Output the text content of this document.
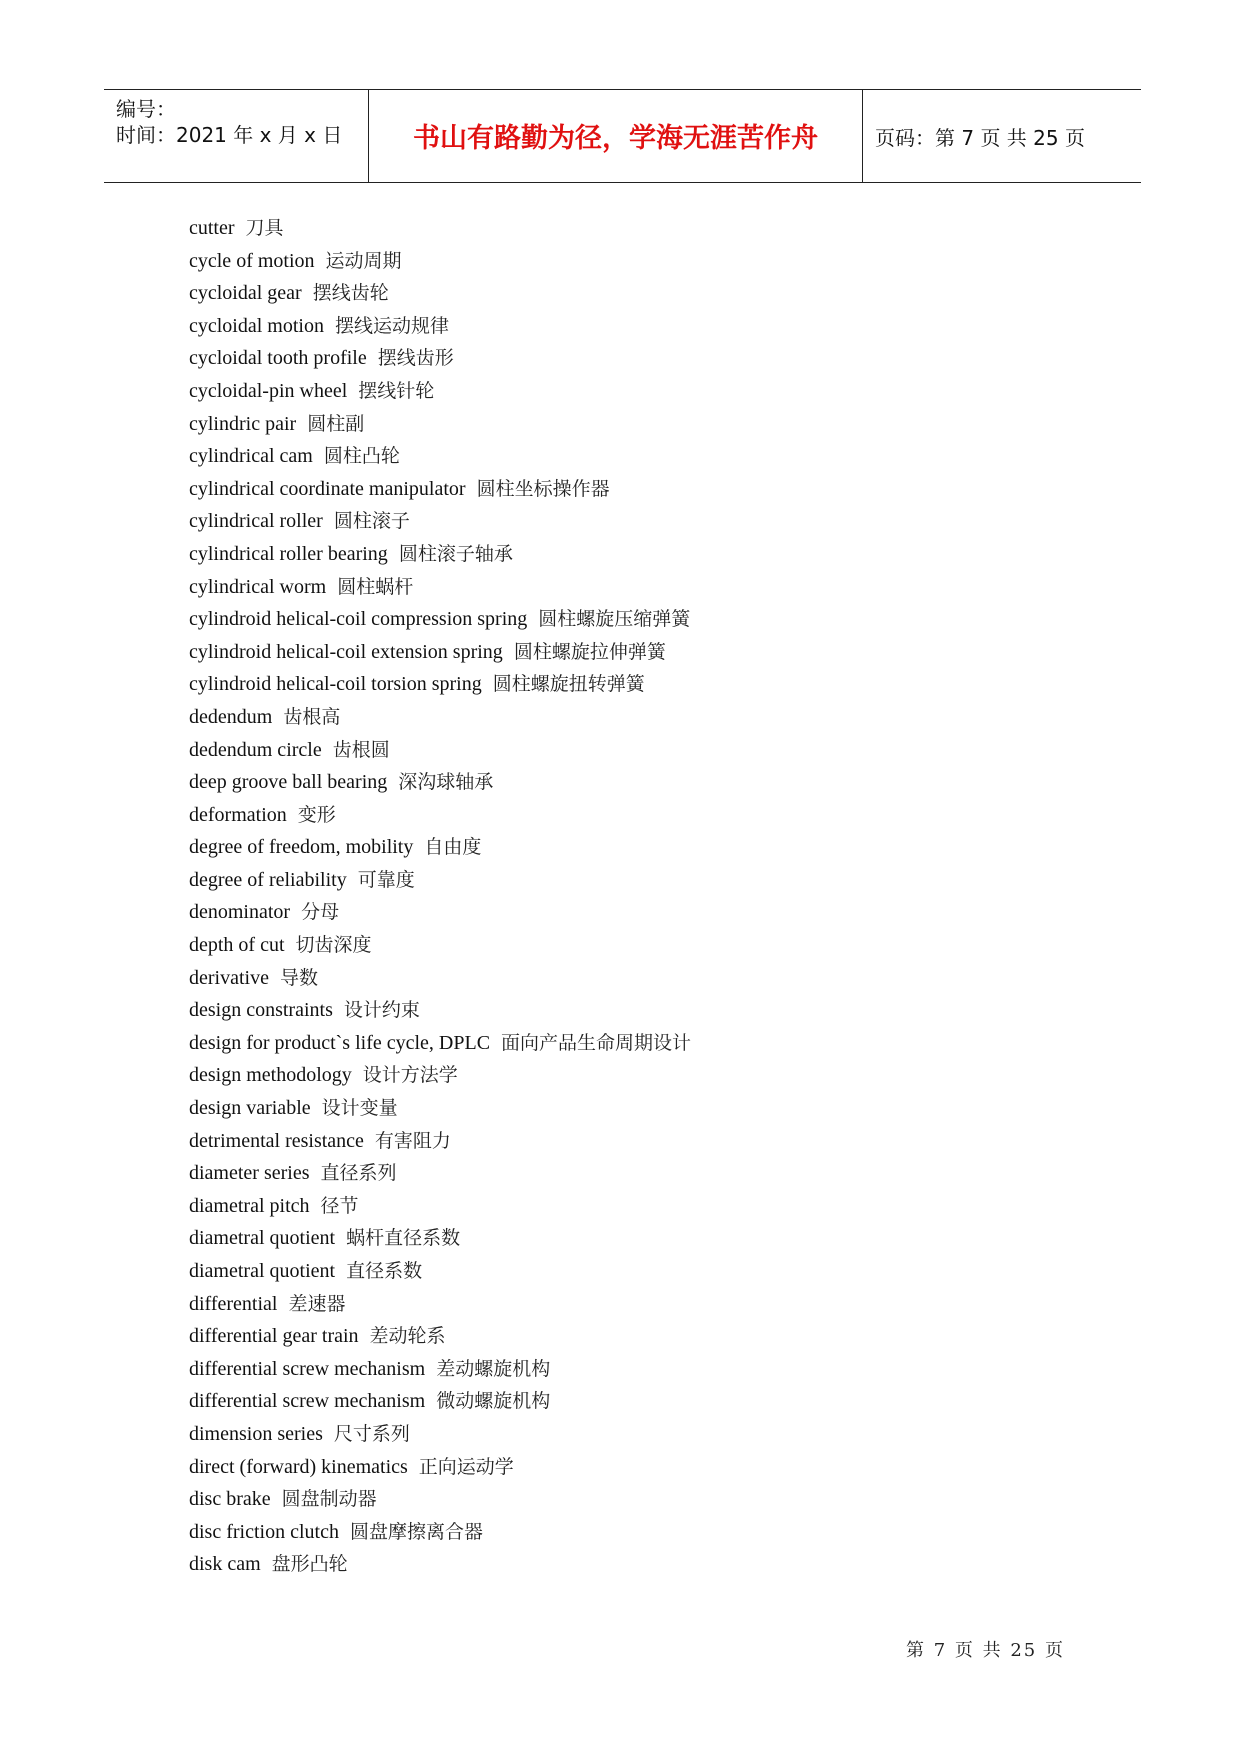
编号：
时间：2021 年 x 月 x 日	书山有路勤为径，学海无涯苦作舟	页码：第 7 页 共 25 页
cutter 刀具
cycle of motion 运动周期
cycloidal gear 摆线齿轮
cycloidal motion 摆线运动规律
cycloidal tooth profile 摆线齿形
cycloidal-pin wheel 摆线针轮
cylindric pair 圆柱副
cylindrical cam 圆柱凸轮
cylindrical coordinate manipulator 圆柱坐标操作器
cylindrical roller 圆柱滚子
cylindrical roller bearing 圆柱滚子轴承
cylindrical worm 圆柱蜗杆
cylindroid helical-coil compression spring 圆柱螺旋压缩弹簧
cylindroid helical-coil extension spring 圆柱螺旋拉伸弹簧
cylindroid helical-coil torsion spring 圆柱螺旋扭转弹簧
dedendum 齿根高
dedendum circle 齿根圆
deep groove ball bearing 深沟球轴承
deformation 变形
degree of freedom, mobility 自由度
degree of reliability 可靠度
denominator 分母
depth of cut 切齿深度
derivative 导数
design constraints 设计约束
design for product`s life cycle, DPLC 面向产品生命周期设计
design methodology 设计方法学
design variable 设计变量
detrimental resistance 有害阻力
diameter series 直径系列
diametral pitch 径节
diametral quotient 蜗杆直径系数
diametral quotient 直径系数
differential 差速器
differential gear train 差动轮系
differential screw mechanism 差动螺旋机构
differential screw mechanism 微动螺旋机构
dimension series 尺寸系列
direct (forward) kinematics 正向运动学
disc brake 圆盘制动器
disc friction clutch 圆盘摩擦离合器
disk cam 盘形凸轮
第 7 页 共 25 页
